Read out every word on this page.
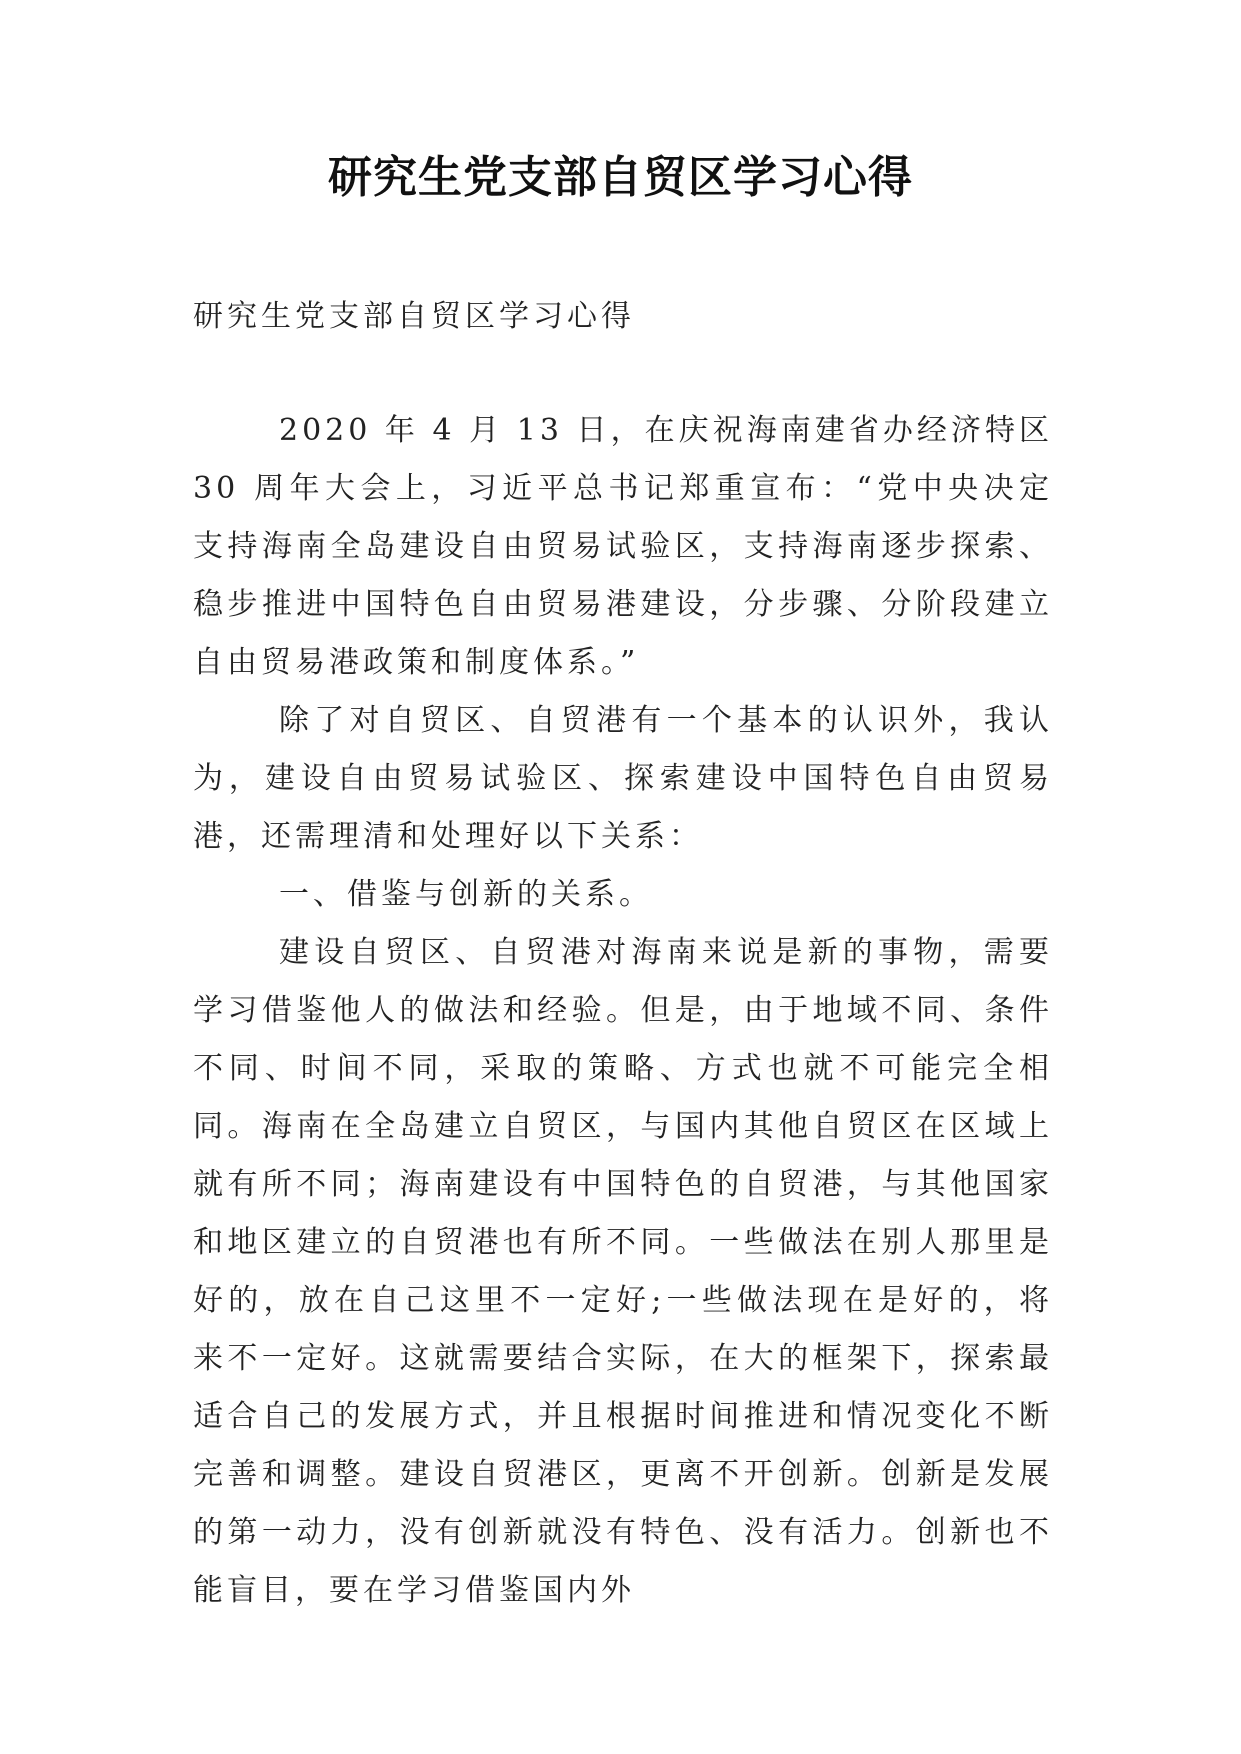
研究生党支部自贸区学习心得
研究生党支部自贸区学习心得

2020 年 4 月 13 日，在庆祝海南建省办经济特区 30 周年大会上，习近平总书记郑重宣布：“党中央决定支持海南全岛建设自由贸易试验区，支持海南逐步探索、稳步推进中国特色自由贸易港建设，分步骤、分阶段建立自由贸易港政策和制度体系。”

除了对自贸区、自贸港有一个基本的认识外，我认为，建设自由贸易试验区、探索建设中国特色自由贸易港，还需理清和处理好以下关系：

一、借鉴与创新的关系。

建设自贸区、自贸港对海南来说是新的事物，需要学习借鉴他人的做法和经验。但是，由于地域不同、条件不同、时间不同，采取的策略、方式也就不可能完全相同。海南在全岛建立自贸区，与国内其他自贸区在区域上就有所不同；海南建设有中国特色的自贸港，与其他国家和地区建立的自贸港也有所不同。一些做法在别人那里是好的，放在自己这里不一定好;一些做法现在是好的，将来不一定好。这就需要结合实际，在大的框架下，探索最适合自己的发展方式，并且根据时间推进和情况变化不断完善和调整。建设自贸港区，更离不开创新。创新是发展的第一动力，没有创新就没有特色、没有活力。创新也不能盲目，要在学习借鉴国内外
